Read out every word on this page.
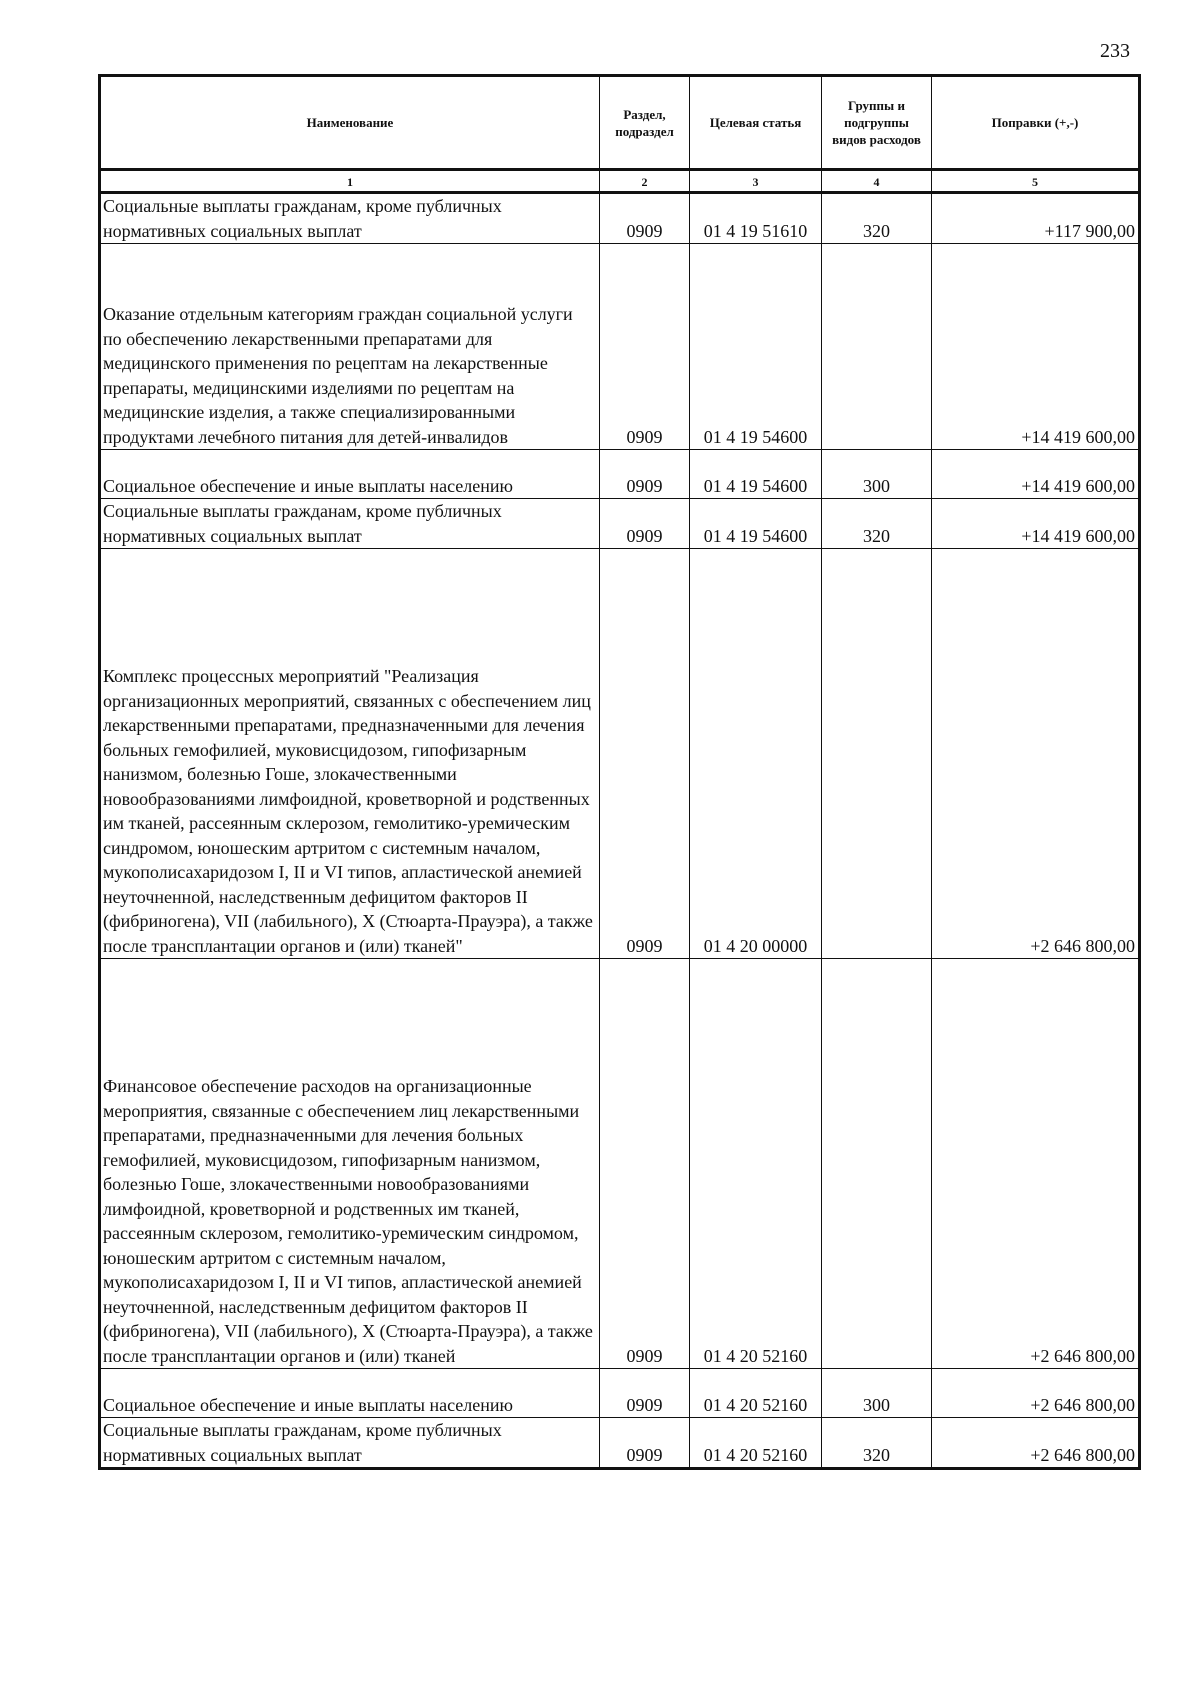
233
Наименование	Раздел, подраздел	Целевая статья	Группы и подгруппы видов расходов	Поправки (+,-)
1	2	3	4	5
Социальные выплаты гражданам, кроме публичных нормативных социальных выплат	0909	01 4 19 51610	320	+117 900,00
Оказание отдельным категориям граждан социальной услуги по обеспечению лекарственными препаратами для медицинского применения по рецептам на лекарственные препараты, медицинскими изделиями по рецептам на медицинские изделия, а также специализированными продуктами лечебного питания для детей-инвалидов	0909	01 4 19 54600		+14 419 600,00
Социальное обеспечение и иные выплаты населению	0909	01 4 19 54600	300	+14 419 600,00
Социальные выплаты гражданам, кроме публичных нормативных социальных выплат	0909	01 4 19 54600	320	+14 419 600,00
Комплекс процессных мероприятий "Реализация организационных мероприятий, связанных с обеспечением лиц лекарственными препаратами, предназначенными для лечения больных гемофилией, муковисцидозом, гипофизарным нанизмом, болезнью Гоше, злокачественными новообразованиями лимфоидной, кроветворной и родственных им тканей, рассеянным склерозом, гемолитико-уремическим синдромом, юношеским артритом с системным началом, мукополисахаридозом I, II и VI типов, апластической анемией неуточненной, наследственным дефицитом факторов II (фибриногена), VII (лабильного), X (Стюарта-Прауэра), а также после трансплантации органов и (или) тканей"	0909	01 4 20 00000		+2 646 800,00
Финансовое обеспечение расходов на организационные мероприятия, связанные с обеспечением лиц лекарственными препаратами, предназначенными для лечения больных гемофилией, муковисцидозом, гипофизарным нанизмом, болезнью Гоше, злокачественными новообразованиями лимфоидной, кроветворной и родственных им тканей, рассеянным склерозом, гемолитико-уремическим синдромом, юношеским артритом с системным началом, мукополисахаридозом I, II и VI типов, апластической анемией неуточненной, наследственным дефицитом факторов II (фибриногена), VII (лабильного), X (Стюарта-Прауэра), а также после трансплантации органов и (или) тканей	0909	01 4 20 52160		+2 646 800,00
Социальное обеспечение и иные выплаты населению	0909	01 4 20 52160	300	+2 646 800,00
Социальные выплаты гражданам, кроме публичных нормативных социальных выплат	0909	01 4 20 52160	320	+2 646 800,00
